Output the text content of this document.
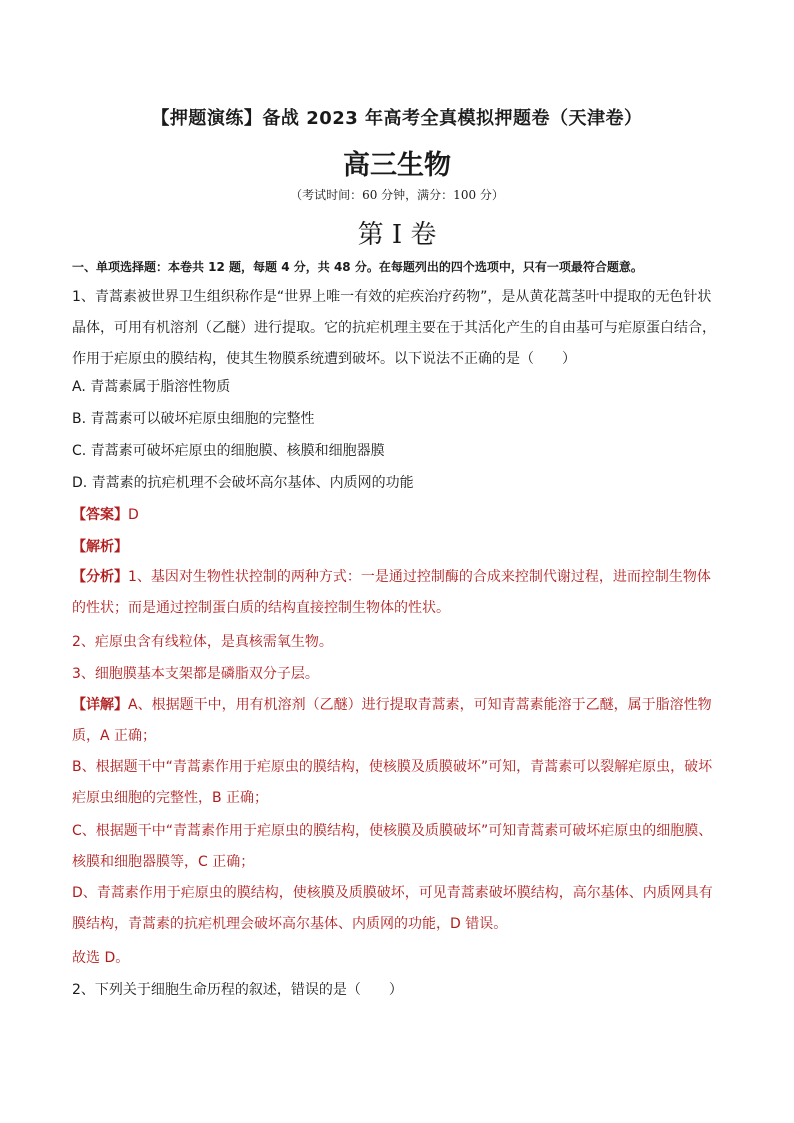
【押题演练】备战 2023 年高考全真模拟押题卷（天津卷）
高三生物
（考试时间：60 分钟，满分：100 分）
第 I 卷
一、单项选择题：本卷共 12 题，每题 4 分，共 48 分。在每题列出的四个选项中，只有一项最符合题意。
1、青蒿素被世界卫生组织称作是“世界上唯一有效的疟疾治疗药物”，是从黄花蒿茎叶中提取的无色针状晶体，可用有机溶剂（乙醚）进行提取。它的抗疟机理主要在于其活化产生的自由基可与疟原蛋白结合，作用于疟原虫的膜结构，使其生物膜系统遭到破坏。以下说法不正确的是（　　）
A. 青蒿素属于脂溶性物质
B. 青蒿素可以破坏疟原虫细胞的完整性
C. 青蒿素可破坏疟原虫的细胞膜、核膜和细胞器膜
D. 青蒿素的抗疟机理不会破坏高尔基体、内质网的功能
【答案】D
【解析】
【分析】1、基因对生物性状控制的两种方式：一是通过控制酶的合成来控制代谢过程，进而控制生物体的性状；而是通过控制蛋白质的结构直接控制生物体的性状。
2、疟原虫含有线粒体，是真核需氧生物。
3、细胞膜基本支架都是磷脂双分子层。
【详解】A、根据题干中，用有机溶剂（乙醚）进行提取青蒿素，可知青蒿素能溶于乙醚，属于脂溶性物质，A 正确；
B、根据题干中“青蒿素作用于疟原虫的膜结构，使核膜及质膜破坏”可知，青蒿素可以裂解疟原虫，破坏疟原虫细胞的完整性，B 正确；
C、根据题干中“青蒿素作用于疟原虫的膜结构，使核膜及质膜破坏”可知青蒿素可破坏疟原虫的细胞膜、核膜和细胞器膜等，C 正确；
D、青蒿素作用于疟原虫的膜结构，使核膜及质膜破坏，可见青蒿素破坏膜结构，高尔基体、内质网具有膜结构，青蒿素的抗疟机理会破坏高尔基体、内质网的功能，D 错误。
故选 D。
2、下列关于细胞生命历程的叙述，错误的是（　　）
